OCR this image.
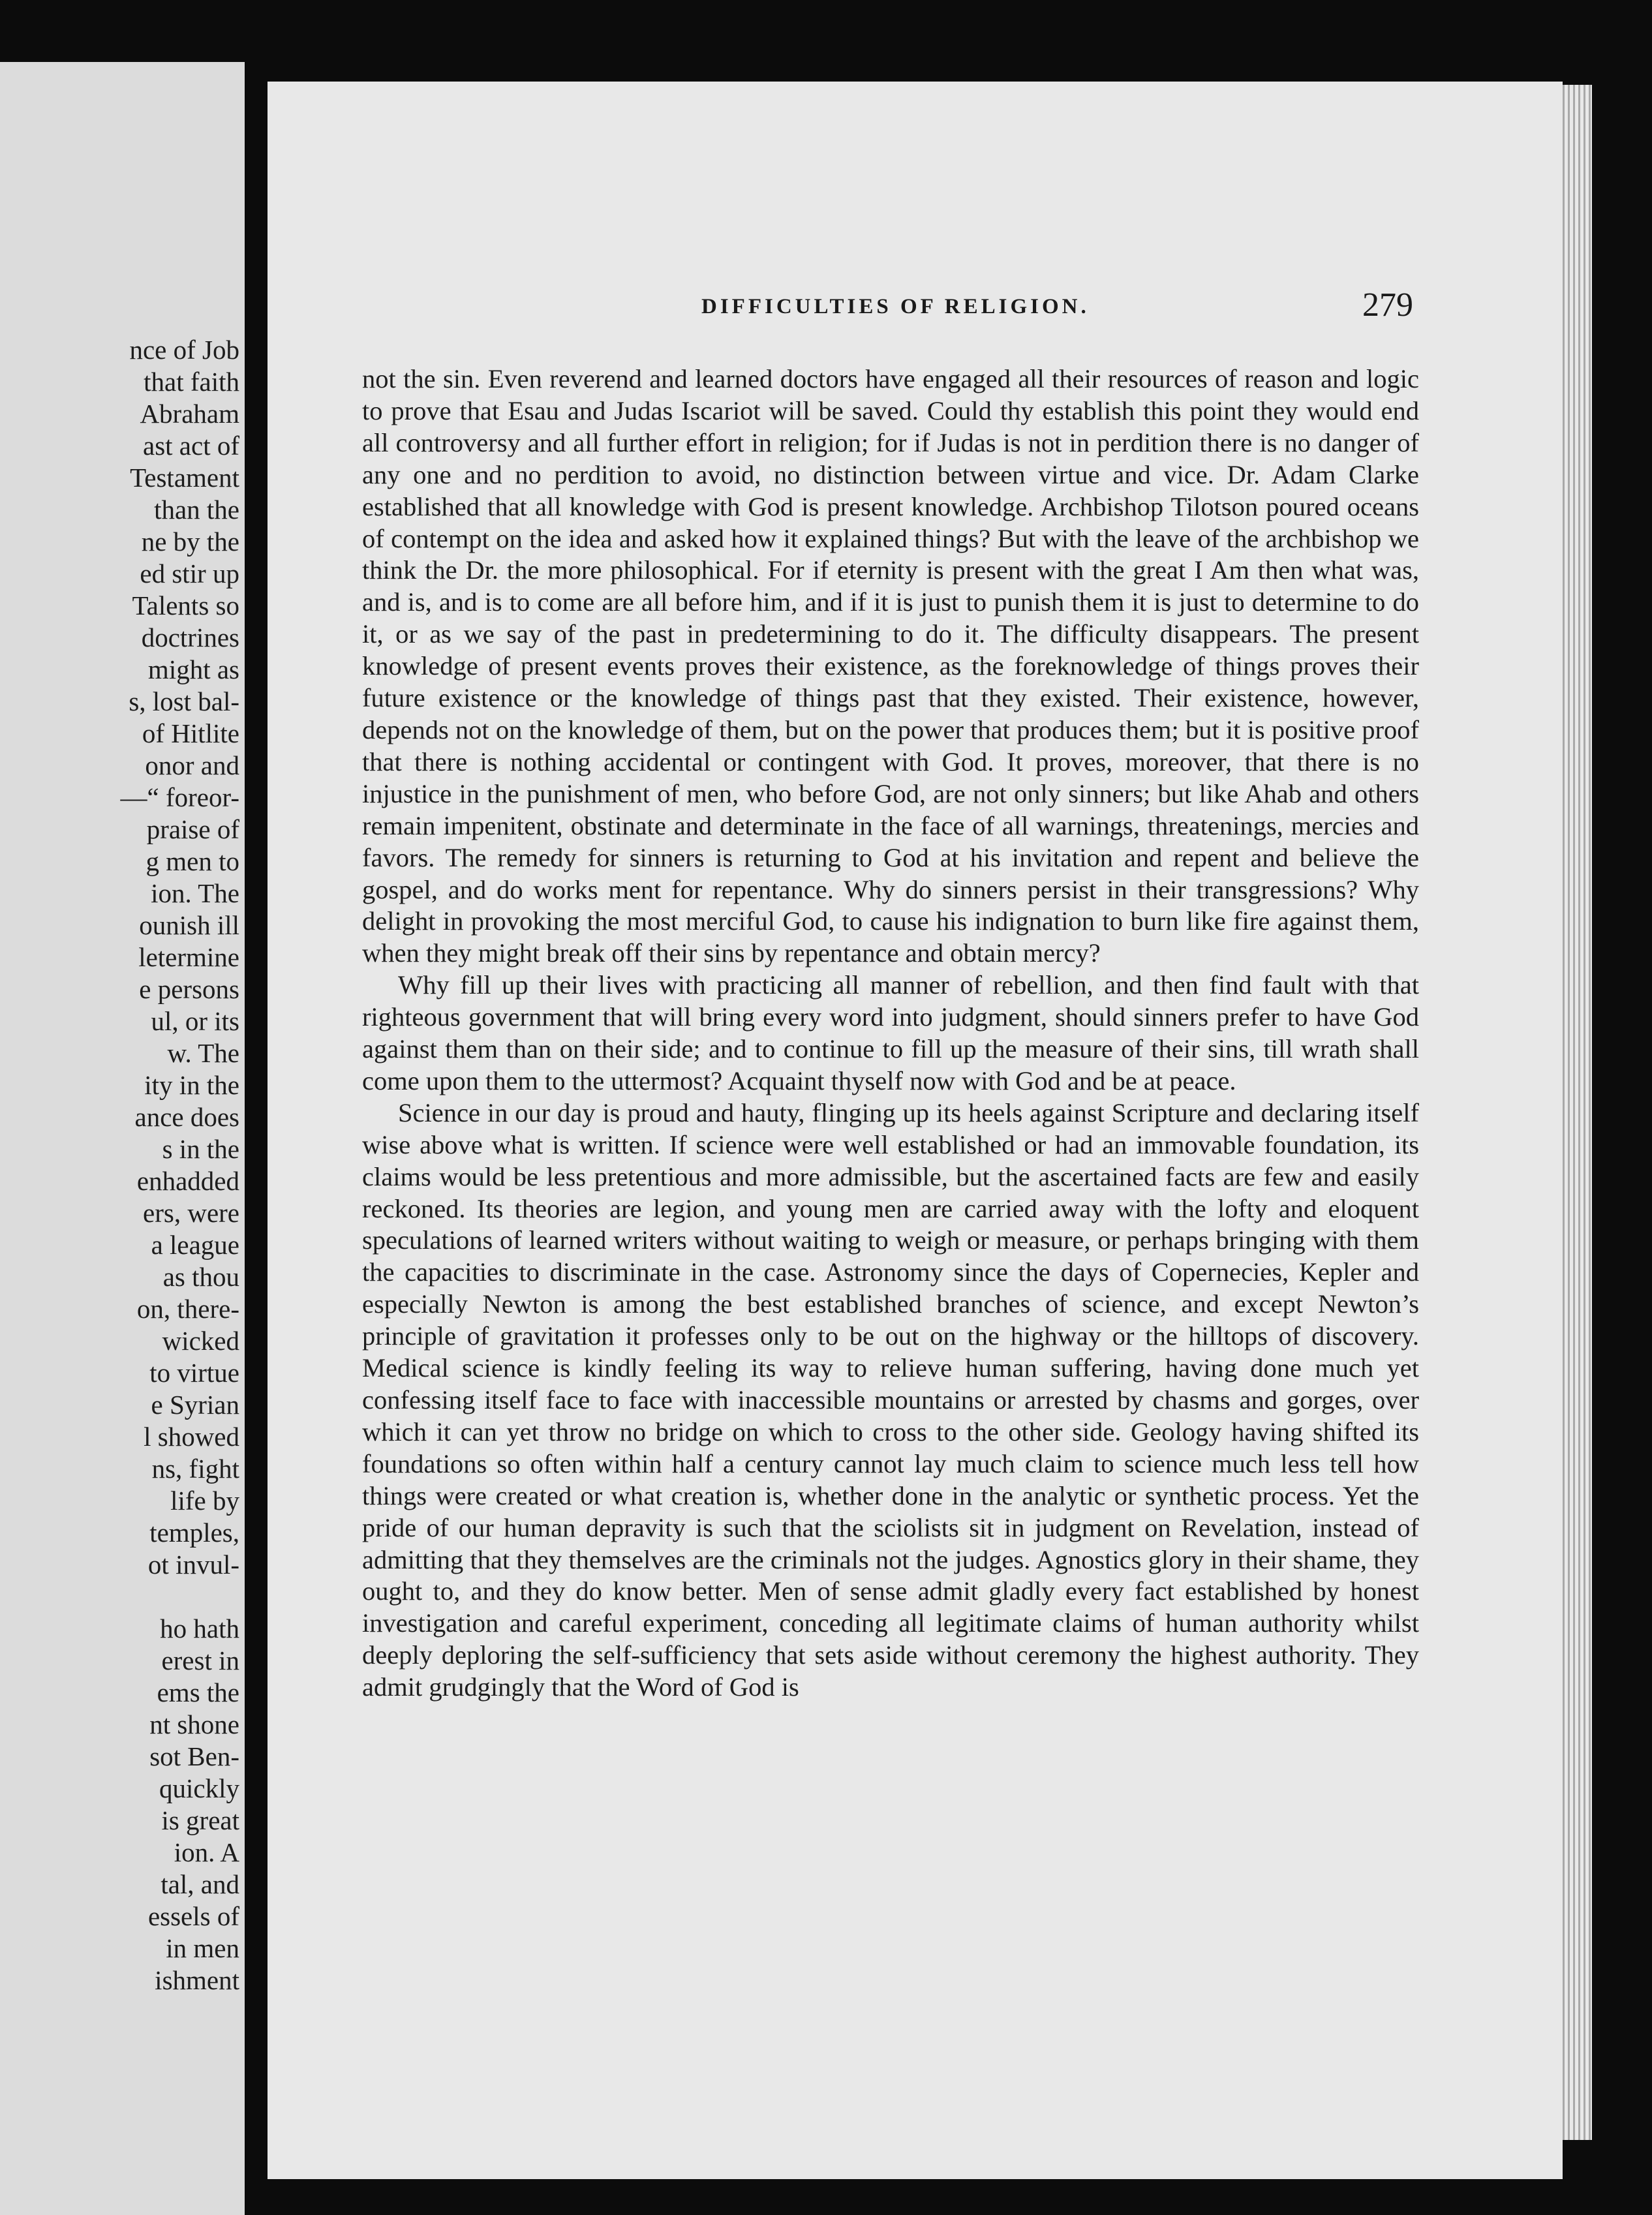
nce of Job
that faith
Abraham
ast act of
Testament
than the
ne by the
ed stir up
Talents so
doctrines
might as
s, lost bal-
of Hitlite
onor and
—“ foreor-
praise of
g men to
ion. The
ounish ill
letermine
e persons
ul, or its
w. The
ity in the
ance does
s in the
enhadded
ers, were
a league
as thou
on, there-
wicked
to virtue
e Syrian
l showed
ns, fight
life by
temples,
ot invul-
ho hath
erest in
ems the
nt shone
sot Ben-
quickly
is great
ion. A
tal, and
essels of
in men
ishment
DIFFICULTIES OF RELIGION.	279

not the sin. Even reverend and learned doctors have engaged all their resources of reason and logic to prove that Esau and Judas Iscariot will be saved. Could thy establish this point they would end all controversy and all further effort in religion; for if Judas is not in perdition there is no danger of any one and no perdition to avoid, no distinction between virtue and vice. Dr. Adam Clarke established that all knowledge with God is present knowledge. Archbishop Tilotson poured oceans of contempt on the idea and asked how it explained things? But with the leave of the archbishop we think the Dr. the more philosophical. For if eternity is present with the great I Am then what was, and is, and is to come are all before him, and if it is just to punish them it is just to determine to do it, or as we say of the past in predetermining to do it. The difficulty disappears. The present knowledge of present events proves their existence, as the foreknowledge of things proves their future existence or the knowledge of things past that they existed. Their existence, however, depends not on the knowledge of them, but on the power that produces them; but it is positive proof that there is nothing accidental or contingent with God. It proves, moreover, that there is no injustice in the punishment of men, who before God, are not only sinners; but like Ahab and others remain impenitent, obstinate and determinate in the face of all warnings, threatenings, mercies and favors. The remedy for sinners is returning to God at his invitation and repent and believe the gospel, and do works ment for repentance. Why do sinners persist in their transgressions? Why delight in provoking the most merciful God, to cause his indignation to burn like fire against them, when they might break off their sins by repentance and obtain mercy?

Why fill up their lives with practicing all manner of rebellion, and then find fault with that righteous government that will bring every word into judgment, should sinners prefer to have God against them than on their side; and to continue to fill up the measure of their sins, till wrath shall come upon them to the uttermost? Acquaint thyself now with God and be at peace.

Science in our day is proud and hauty, flinging up its heels against Scripture and declaring itself wise above what is written. If science were well established or had an immovable foundation, its claims would be less pretentious and more admissible, but the ascertained facts are few and easily reckoned. Its theories are legion, and young men are carried away with the lofty and eloquent speculations of learned writers without waiting to weigh or measure, or perhaps bringing with them the capacities to discriminate in the case. Astronomy since the days of Copernecies, Kepler and especially Newton is among the best established branches of science, and except Newton’s principle of gravitation it professes only to be out on the highway or the hilltops of discovery. Medical science is kindly feeling its way to relieve human suffering, having done much yet confessing itself face to face with inaccessible mountains or arrested by chasms and gorges, over which it can yet throw no bridge on which to cross to the other side. Geology having shifted its foundations so often within half a century cannot lay much claim to science much less tell how things were created or what creation is, whether done in the analytic or synthetic process. Yet the pride of our human depravity is such that the sciolists sit in judgment on Revelation, instead of admitting that they themselves are the criminals not the judges. Agnostics glory in their shame, they ought to, and they do know better. Men of sense admit gladly every fact established by honest investigation and careful experiment, conceding all legitimate claims of human authority whilst deeply deploring the self-sufficiency that sets aside without ceremony the highest authority. They admit grudgingly that the Word of God is
